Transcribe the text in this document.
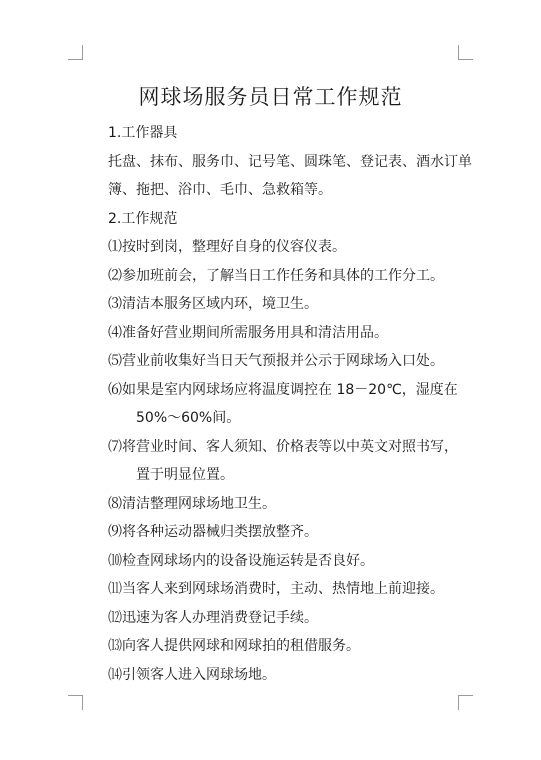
网球场服务员日常工作规范
1.工作器具
托盘、抹布、服务巾、记号笔、圆珠笔、登记表、酒水订单
簿、拖把、浴巾、毛巾、急救箱等。
2.工作规范
⑴按时到岗，整理好自身的仪容仪表。
⑵参加班前会，了解当日工作任务和具体的工作分工。
⑶清洁本服务区域内环，境卫生。
⑷准备好营业期间所需服务用具和清洁用品。
⑸营业前收集好当日天气预报并公示于网球场入口处。
⑹如果是室内网球场应将温度调控在 18－20℃，湿度在
50%～60%间。
⑺将营业时间、客人须知、价格表等以中英文对照书写，
置于明显位置。
⑻清洁整理网球场地卫生。
⑼将各种运动器械归类摆放整齐。
⑽检查网球场内的设备设施运转是否良好。
⑾当客人来到网球场消费时，主动、热情地上前迎接。
⑿迅速为客人办理消费登记手续。
⒀向客人提供网球和网球拍的租借服务。
⒁引领客人进入网球场地。
